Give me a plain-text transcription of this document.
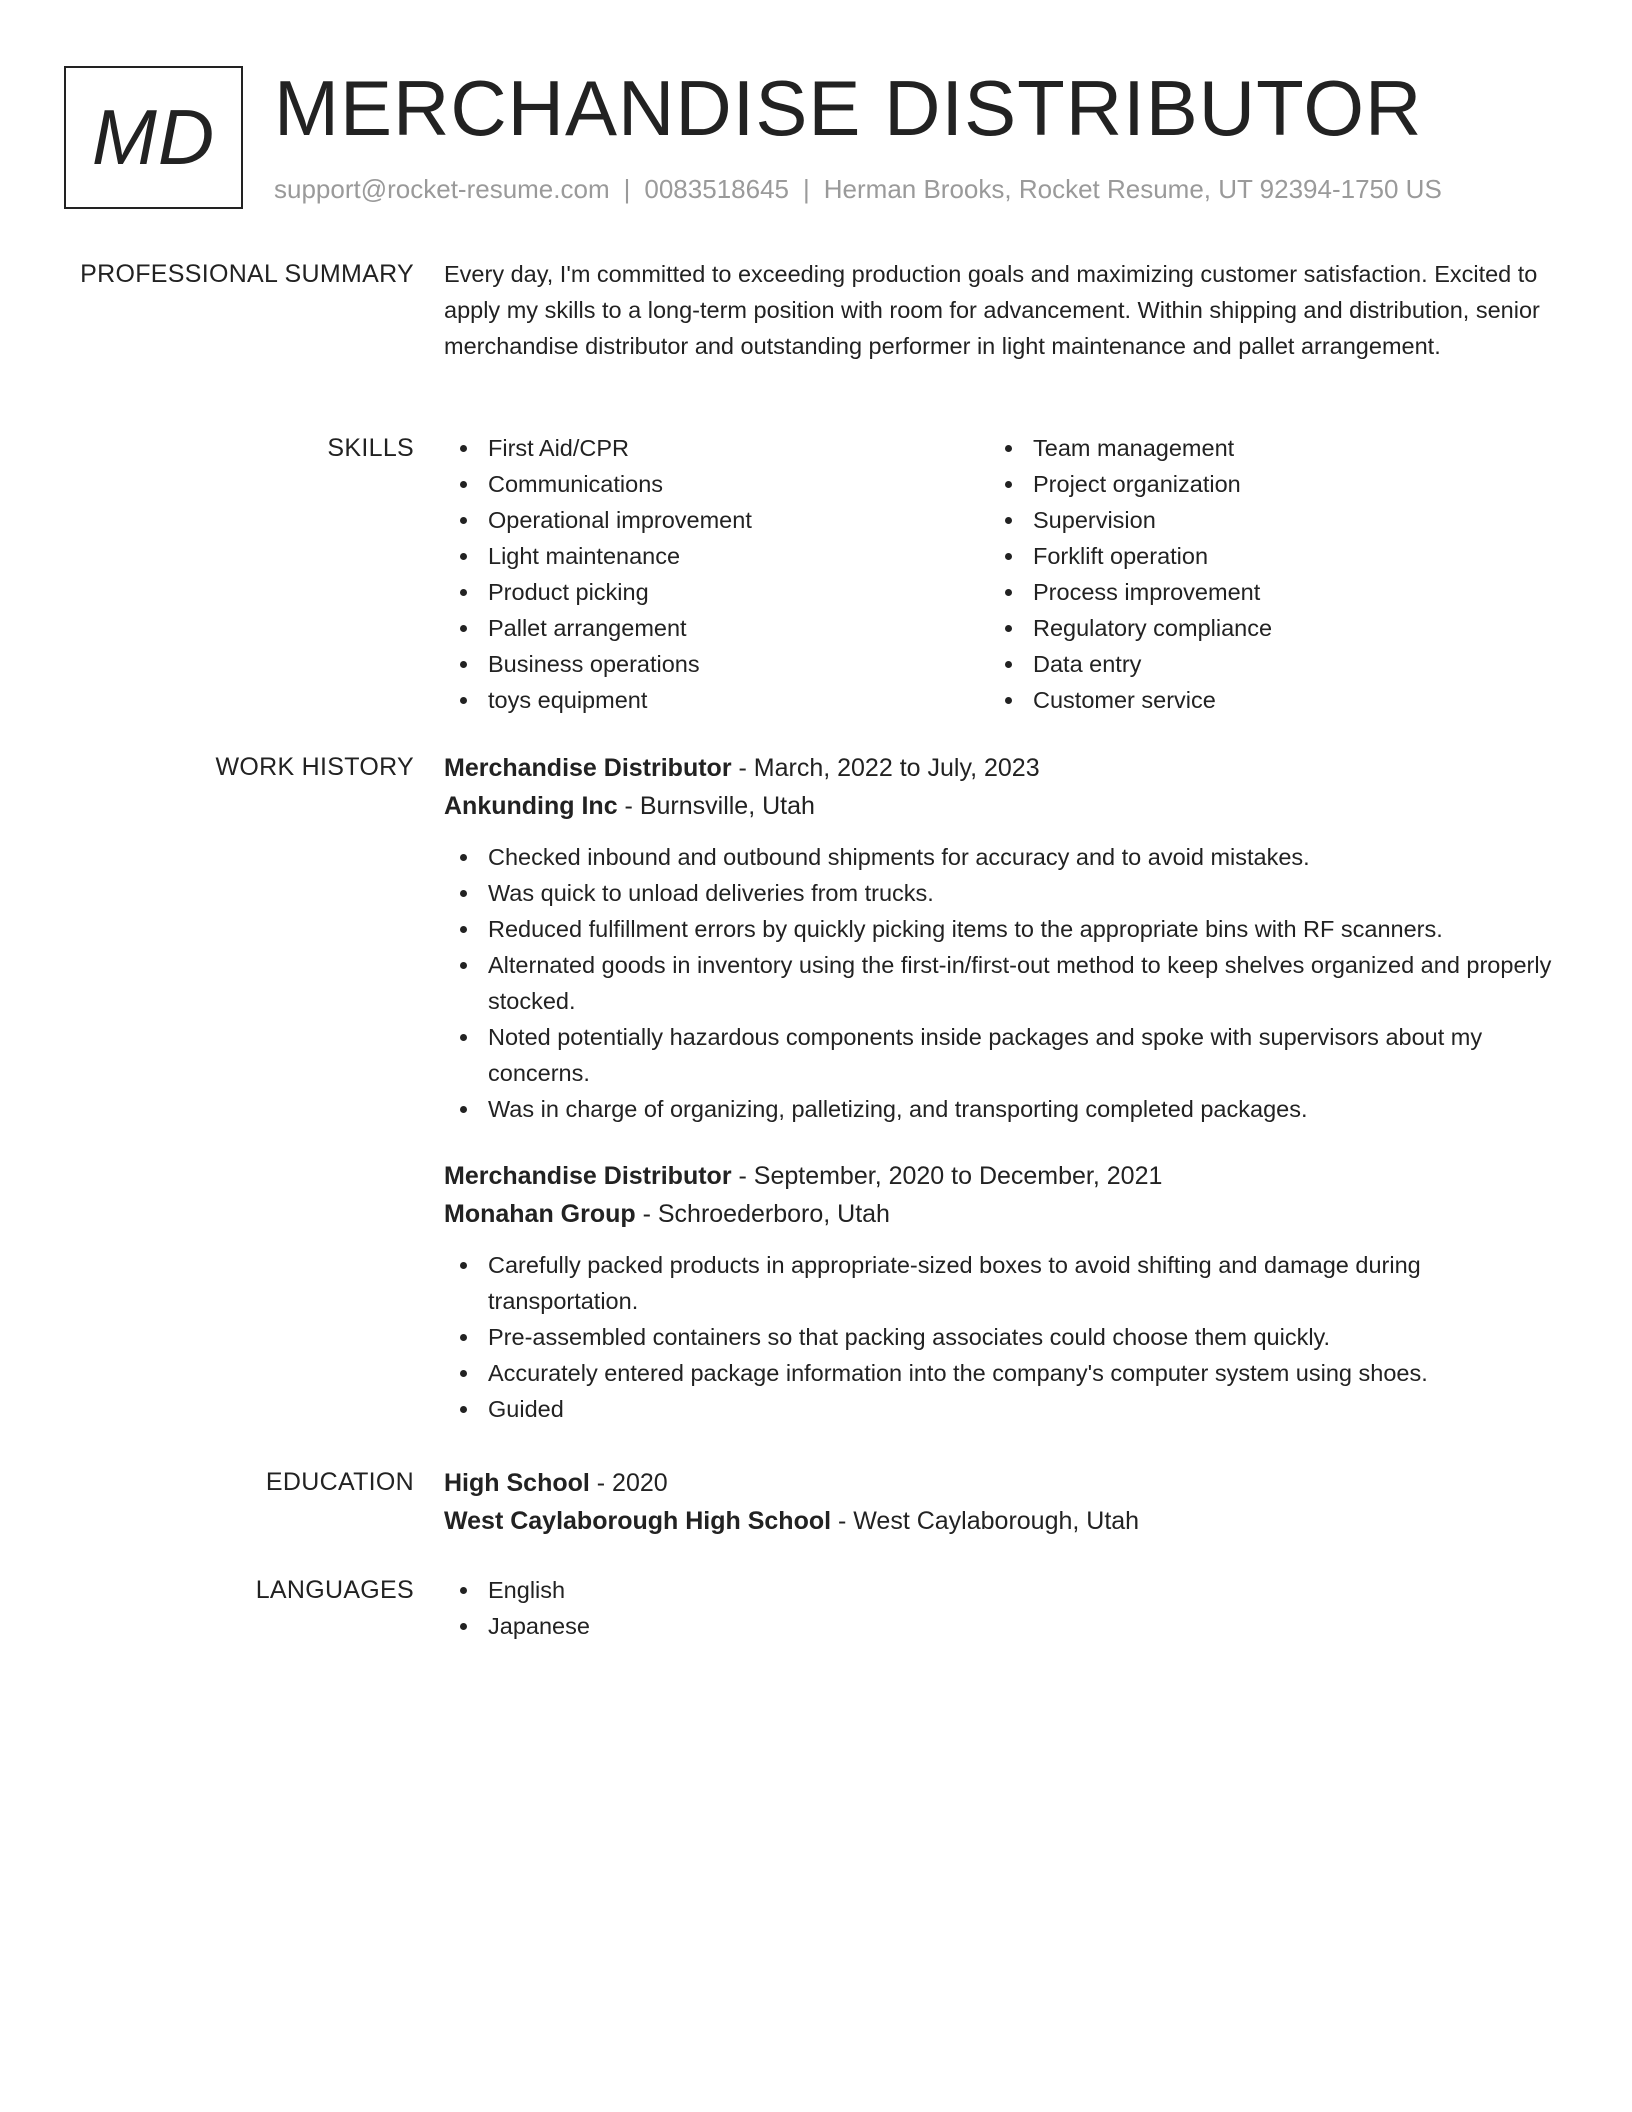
MD MERCHANDISE DISTRIBUTOR
support@rocket-resume.com | 0083518645 | Herman Brooks, Rocket Resume, UT 92394-1750 US
PROFESSIONAL SUMMARY Every day, I'm committed to exceeding production goals and maximizing customer satisfaction. Excited to apply my skills to a long-term position with room for advancement. Within shipping and distribution, senior merchandise distributor and outstanding performer in light maintenance and pallet arrangement.

SKILLS	First Aid/CPR
Communications
Operational improvement
Light maintenance
Product picking
Pallet arrangement
Business operations
toys equipment
Team management
Project organization
Supervision
Forklift operation
Process improvement
Regulatory compliance
Data entry
Customer service
WORK HISTORY Merchandise Distributor - March, 2022 to July, 2023
Ankunding Inc - Burnsville, Utah
Checked inbound and outbound shipments for accuracy and to avoid mistakes.
Was quick to unload deliveries from trucks.
Reduced fulfillment errors by quickly picking items to the appropriate bins with RF scanners.
Alternated goods in inventory using the first-in/first-out method to keep shelves organized and properly stocked.
Noted potentially hazardous components inside packages and spoke with supervisors about my concerns.
Was in charge of organizing, palletizing, and transporting completed packages.
Merchandise Distributor - September, 2020 to December, 2021
Monahan Group - Schroederboro, Utah
Carefully packed products in appropriate-sized boxes to avoid shifting and damage during transportation.
Pre-assembled containers so that packing associates could choose them quickly.
Accurately entered package information into the company's computer system using shoes.
Guided
EDUCATION High School - 2020
West Caylaborough High School - West Caylaborough, Utah
LANGUAGES	English
Japanese
